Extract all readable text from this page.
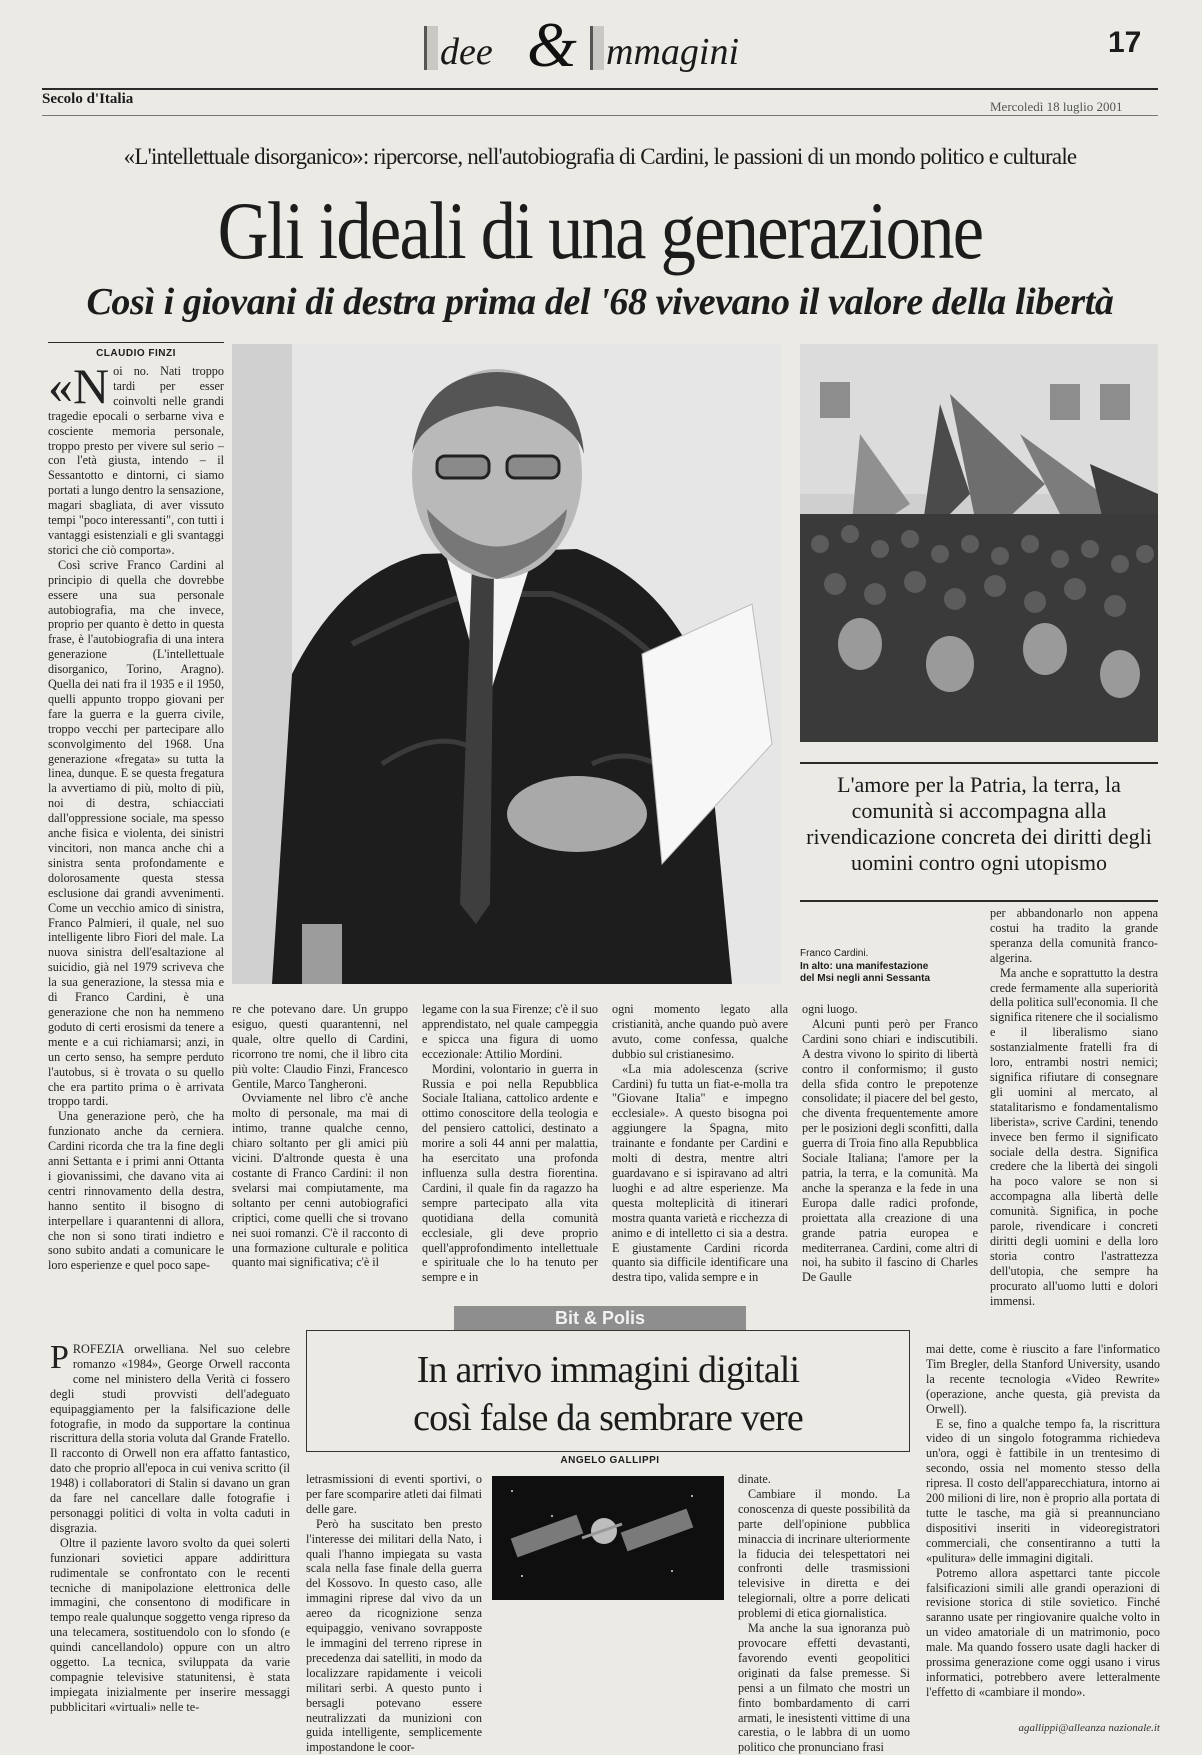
dee & mmagini	17
Secolo d'Italia	Mercoledì 18 luglio 2001
«L'intellettuale disorganico»: ripercorse, nell'autobiografia di Cardini, le passioni di un mondo politico e culturale
Gli ideali di una generazione
Così i giovani di destra prima del '68 vivevano il valore della libertà
CLAUDIO FINZI

«Noi no. Nati troppo tardi per esser coinvolti nelle grandi tragedie epocali o serbarne viva e cosciente memoria personale, troppo presto per vivere sul serio – con l'età giusta, intendo – il Sessantotto e dintorni, ci siamo portati a lungo dentro la sensazione, magari sbagliata, di aver vissuto tempi "poco interessanti", con tutti i vantaggi esistenziali e gli svantaggi storici che ciò comporta».

Così scrive Franco Cardini al principio di quella che dovrebbe essere una sua personale autobiografia, ma che invece, proprio per quanto è detto in questa frase, è l'autobiografia di una intera generazione (L'intellettuale disorganico, Torino, Aragno). Quella dei nati fra il 1935 e il 1950, quelli appunto troppo giovani per fare la guerra e la guerra civile, troppo vecchi per partecipare allo sconvolgimento del 1968. Una generazione «fregata» su tutta la linea, dunque. E se questa fregatura la avvertiamo di più, molto di più, noi di destra, schiacciati dall'oppressione sociale, ma spesso anche fisica e violenta, dei sinistri vincitori, non manca anche chi a sinistra senta profondamente e dolorosamente questa stessa esclusione dai grandi avvenimenti. Come un vecchio amico di sinistra, Franco Palmieri, il quale, nel suo intelligente libro Fiori del male. La nuova sinistra dell'esaltazione al suicidio, già nel 1979 scriveva che la sua generazione, la stessa mia e di Franco Cardini, è una generazione che non ha nemmeno goduto di certi erosismi da tenere a mente e a cui richiamarsi; anzi, in un certo senso, ha sempre perduto l'autobus, si è trovata o su quello che era partito prima o è arrivata troppo tardi.

Una generazione però, che ha funzionato anche da cerniera. Cardini ricorda che tra la fine degli anni Settanta e i primi anni Ottanta i giovanissimi, che davano vita ai centri rinnovamento della destra, hanno sentito il bisogno di interpellare i quarantenni di allora, che non si sono tirati indietro e sono subito andati a comunicare le loro esperienze e quel poco sape-

L'amore per la Patria, la terra, la comunità si accompagna alla rivendicazione concreta dei diritti degli uomini contro ogni utopismo
Franco Cardini.
In alto: una manifestazione
del Msi negli anni Sessanta

per abbandonarlo non appena costui ha tradito la grande speranza della comunità franco-algerina.

Ma anche e soprattutto la destra crede fermamente alla superiorità della politica sull'economia. Il che significa ritenere che il socialismo e il liberalismo siano sostanzialmente fratelli fra di loro, entrambi nostri nemici; significa rifiutare di consegnare gli uomini al mercato, al statalitarismo e fondamentalismo liberista», scrive Cardini, tenendo invece ben fermo il significato sociale della destra. Significa credere che la libertà dei singoli ha poco valore se non si accompagna alla libertà delle comunità. Significa, in poche parole, rivendicare i concreti diritti degli uomini e della loro storia contro l'astrattezza dell'utopia, che sempre ha procurato all'uomo lutti e dolori immensi.

re che potevano dare. Un gruppo esiguo, questi quarantenni, nel quale, oltre quello di Cardini, ricorrono tre nomi, che il libro cita più volte: Claudio Finzi, Francesco Gentile, Marco Tangheroni.

Ovviamente nel libro c'è anche molto di personale, ma mai di intimo, tranne qualche cenno, chiaro soltanto per gli amici più vicini. D'altronde questa è una costante di Franco Cardini: il non svelarsi mai compiutamente, ma soltanto per cenni autobiografici criptici, come quelli che si trovano nei suoi romanzi. C'è il racconto di una formazione culturale e politica quanto mai significativa; c'è il

legame con la sua Firenze; c'è il suo apprendistato, nel quale campeggia e spicca una figura di uomo eccezionale: Attilio Mordini.

Mordini, volontario in guerra in Russia e poi nella Repubblica Sociale Italiana, cattolico ardente e ottimo conoscitore della teologia e del pensiero cattolici, destinato a morire a soli 44 anni per malattia, ha esercitato una profonda influenza sulla destra fiorentina. Cardini, il quale fin da ragazzo ha sempre partecipato alla vita quotidiana della comunità ecclesiale, gli deve proprio quell'approfondimento intellettuale e spirituale che lo ha tenuto per sempre e in

ogni momento legato alla cristianità, anche quando può avere avuto, come confessa, qualche dubbio sul cristianesimo.

«La mia adolescenza (scrive Cardini) fu tutta un fìat-e-molla tra "Giovane Italia" e impegno ecclesiale». A questo bisogna poi aggiungere la Spagna, mito trainante e fondante per Cardini e molti di destra, mentre altri guardavano e si ispiravano ad altri luoghi e ad altre esperienze. Ma questa molteplicità di itinerari mostra quanta varietà e ricchezza di animo e di intelletto ci sia a destra. E giustamente Cardini ricorda quanto sia difficile identificare una destra tipo, valida sempre e in

ogni luogo.

Alcuni punti però per Franco Cardini sono chiari e indiscutibili. A destra vivono lo spirito di libertà contro il conformismo; il gusto della sfida contro le prepotenze consolidate; il piacere del bel gesto, che diventa frequentemente amore per le posizioni degli sconfitti, dalla guerra di Troia fino alla Repubblica Sociale Italiana; l'amore per la patria, la terra, e la comunità. Ma anche la speranza e la fede in una Europa dalle radici profonde, proiettata alla creazione di una grande patria europea e mediterranea. Cardini, come altri di noi, ha subito il fascino di Charles De Gaulle

Bit & Polis
In arrivo immagini digitali
così false da sembrare vere
ANGELO GALLIPPI

PROFEZIA orwelliana. Nel suo celebre romanzo «1984», George Orwell racconta come nel ministero della Verità ci fossero degli studi provvisti dell'adeguato equipaggiamento per la falsificazione delle fotografie, in modo da supportare la continua riscrittura della storia voluta dal Grande Fratello. Il racconto di Orwell non era affatto fantastico, dato che proprio all'epoca in cui veniva scritto (il 1948) i collaboratori di Stalin si davano un gran da fare nel cancellare dalle fotografie i personaggi politici di volta in volta caduti in disgrazia.

Oltre il paziente lavoro svolto da quei solerti funzionari sovietici appare addirittura rudimentale se confrontato con le recenti tecniche di manipolazione elettronica delle immagini, che consentono di modificare in tempo reale qualunque soggetto venga ripreso da una telecamera, sostituendolo con lo sfondo (e quindi cancellandolo) oppure con un altro oggetto. La tecnica, sviluppata da varie compagnie televisive statunitensi, è stata impiegata inizialmente per inserire messaggi pubblicitari «virtuali» nelle te-

letrasmissioni di eventi sportivi, o per fare scomparire atleti dai filmati delle gare.

Però ha suscitato ben presto l'interesse dei militari della Nato, i quali l'hanno impiegata su vasta scala nella fase finale della guerra del Kossovo. In questo caso, alle immagini riprese dal vivo da un aereo da ricognizione senza equipaggio, venivano sovrapposte le immagini del terreno riprese in precedenza dai satelliti, in modo da localizzare rapidamente i veicoli militari serbi. A questo punto i bersagli potevano essere neutralizzati da munizioni con guida intelligente, semplicemente impostandone le coor-

dinate.

Cambiare il mondo. La conoscenza di queste possibilità da parte dell'opinione pubblica minaccia di incrinare ulteriormente la fiducia dei telespettatori nei confronti delle trasmissioni televisive in diretta e dei telegiornali, oltre a porre delicati problemi di etica giornalistica.

Ma anche la sua ignoranza può provocare effetti devastanti, favorendo eventi geopolitici originati da false premesse. Si pensi a un filmato che mostri un finto bombardamento di carri armati, le inesistenti vittime di una carestia, o le labbra di un uomo politico che pronunciano frasi

mai dette, come è riuscito a fare l'informatico Tim Bregler, della Stanford University, usando la recente tecnologia «Video Rewrite» (operazione, anche questa, già prevista da Orwell).

E se, fino a qualche tempo fa, la riscrittura video di un singolo fotogramma richiedeva un'ora, oggi è fattibile in un trentesimo di secondo, ossia nel momento stesso della ripresa. Il costo dell'apparecchiatura, intorno ai 200 milioni di lire, non è proprio alla portata di tutte le tasche, ma già si preannunciano dispositivi inseriti in videoregistratori commerciali, che consentiranno a tutti la «pulitura» delle immagini digitali.

Potremo allora aspettarci tante piccole falsificazioni simili alle grandi operazioni di revisione storica di stile sovietico. Finché saranno usate per ringiovanire qualche volto in un video amatoriale di un matrimonio, poco male. Ma quando fossero usate dagli hacker di prossima generazione come oggi usano i virus informatici, potrebbero avere letteralmente l'effetto di «cambiare il mondo».

agallippi@alleanza nazionale.it
